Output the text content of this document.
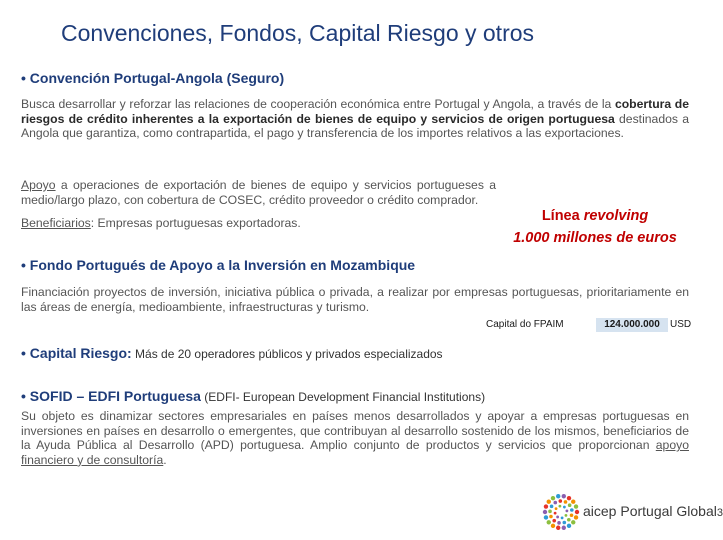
Convenciones, Fondos, Capital Riesgo y otros
• Convención Portugal-Angola (Seguro)
Busca desarrollar y reforzar las relaciones de cooperación económica entre Portugal y Angola, a través de la cobertura de riesgos de crédito inherentes a la exportación de bienes de equipo y servicios de origen portuguesa destinados a Angola que garantiza, como contrapartida, el pago y transferencia de los importes relativos a las exportaciones.
Apoyo a operaciones de exportación de bienes de equipo y servicios portugueses a medio/largo plazo, con cobertura de COSEC, crédito proveedor o crédito comprador.
Beneficiarios: Empresas portuguesas exportadoras.	Línea revolving
1.000 millones de euros
• Fondo Portugués de Apoyo a la Inversión en Mozambique
Financiación proyectos de inversión, iniciativa pública o privada, a realizar por empresas portuguesas, prioritariamente en las áreas de energía, medioambiente, infraestructuras y turismo.
Capital do FPAIM	124.000.000	USD
• Capital Riesgo: Más de 20 operadores públicos y privados especializados
• SOFID – EDFI Portuguesa (EDFI- European Development Financial Institutions)
Su objeto es dinamizar sectores empresariales en países menos desarrollados y apoyar a empresas portuguesas en inversiones en países en desarrollo o emergentes, que contribuyan al desarrollo sostenido de los mismos, beneficiarios de la Ayuda Pública al Desarrollo (APD) portuguesa. Amplio conjunto de productos y servicios que proporcionan apoyo financiero y de consultoría.
aicep Portugal Global3
